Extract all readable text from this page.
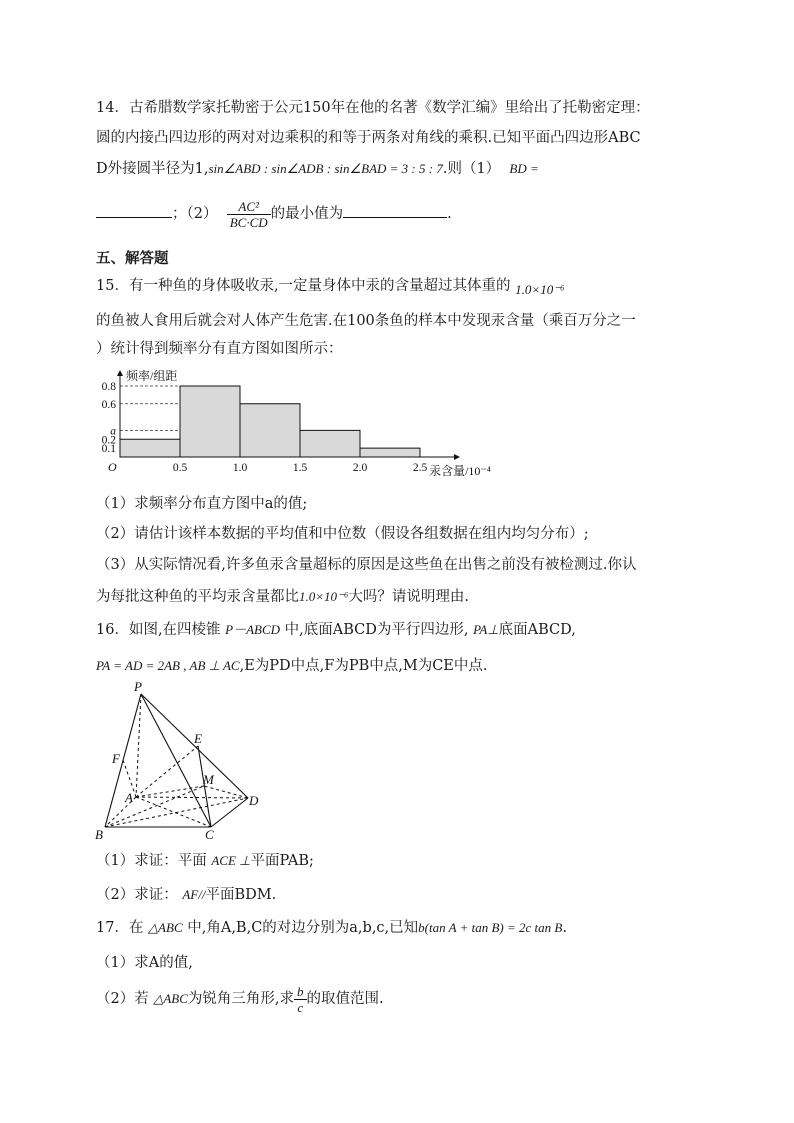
14．古希腊数学家托勒密于公元150年在他的名著《数学汇编》里给出了托勒密定理：
圆的内接凸四边形的两对对边乘积的和等于两条对角线的乘积.已知平面凸四边形ABC
D外接圆半径为1,sin∠ABD : sin∠ADB : sin∠BAD = 3 : 5 : 7.则（1） BD =
；$(2) \frac{\text{AC²}}{BC\cdot CD}$ 的最小值为	.
五、解答题
15．有一种鱼的身体吸收汞,一定量身体中汞的含量超过其体重的 1.0×10⁻⁶
的鱼被人食用后就会对人体产生危害.在100条鱼的样本中发现汞含量（乘百万分之一
）统计得到频率分有直方图如图所示：
0.1
0.2
a
0.6
0.8
0.5	1.0	1.5	2.0	2.5
O
频率/组距
汞含量/10⁻⁴
（1）求频率分布直方图中a的值;
（2）请估计该样本数据的平均值和中位数（假设各组数据在组内均匀分布）;
（3）从实际情况看,许多鱼汞含量超标的原因是这些鱼在出售之前没有被检测过.你认
为每批这种鱼的平均汞含量都比1.0×10⁻⁶大吗？请说明理由.
16．如图,在四棱锥 P－ABCD 中,底面ABCD为平行四边形, PA⊥底面ABCD,
PA = AD = 2AB , AB ⊥ AC,E为PD中点,F为PB中点,M为CE中点.
P
E
F
M
A	D
B	C
（1）求证：平面 ACE ⊥平面PAB;
（2）求证： AF//平面BDM.
17．在 △ABC 中,角A,B,C的对边分别为a,b,c,已知b(tan A + tan B) = 2c tan B.
（1）求A的值,
（2）若 △ABC为锐角三角形,求 $\frac{b}{c}$ 的取值范围.
